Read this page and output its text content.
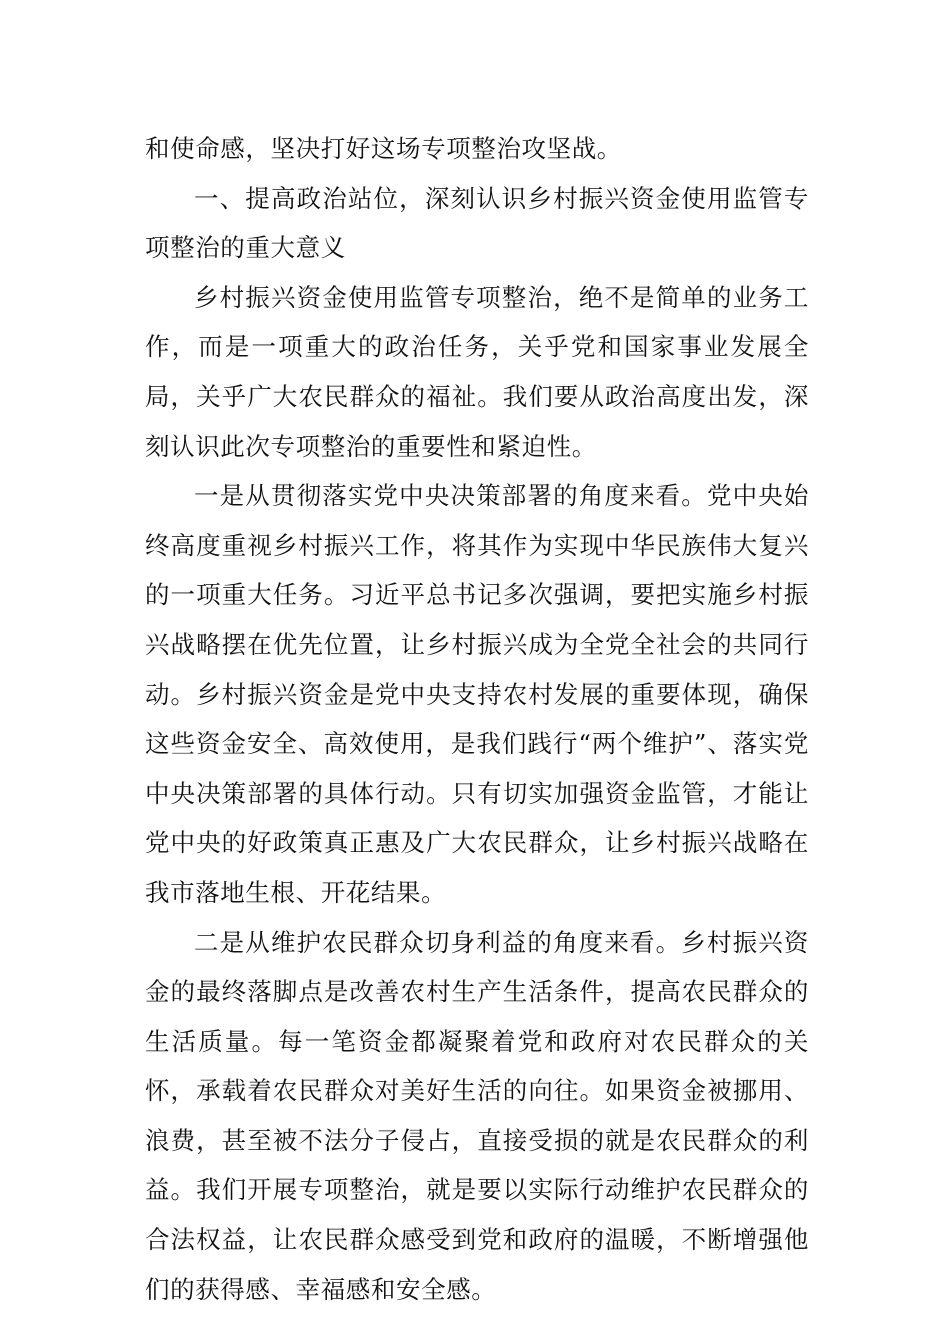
和使命感，坚决打好这场专项整治攻坚战。

一、提高政治站位，深刻认识乡村振兴资金使用监管专项整治的重大意义

乡村振兴资金使用监管专项整治，绝不是简单的业务工作，而是一项重大的政治任务，关乎党和国家事业发展全局，关乎广大农民群众的福祉。我们要从政治高度出发，深刻认识此次专项整治的重要性和紧迫性。

一是从贯彻落实党中央决策部署的角度来看。党中央始终高度重视乡村振兴工作，将其作为实现中华民族伟大复兴的一项重大任务。习近平总书记多次强调，要把实施乡村振兴战略摆在优先位置，让乡村振兴成为全党全社会的共同行动。乡村振兴资金是党中央支持农村发展的重要体现，确保这些资金安全、高效使用，是我们践行“两个维护”、落实党中央决策部署的具体行动。只有切实加强资金监管，才能让党中央的好政策真正惠及广大农民群众，让乡村振兴战略在我市落地生根、开花结果。

二是从维护农民群众切身利益的角度来看。乡村振兴资金的最终落脚点是改善农村生产生活条件，提高农民群众的生活质量。每一笔资金都凝聚着党和政府对农民群众的关怀，承载着农民群众对美好生活的向往。如果资金被挪用、浪费，甚至被不法分子侵占，直接受损的就是农民群众的利益。我们开展专项整治，就是要以实际行动维护农民群众的合法权益，让农民群众感受到党和政府的温暖，不断增强他们的获得感、幸福感和安全感。
